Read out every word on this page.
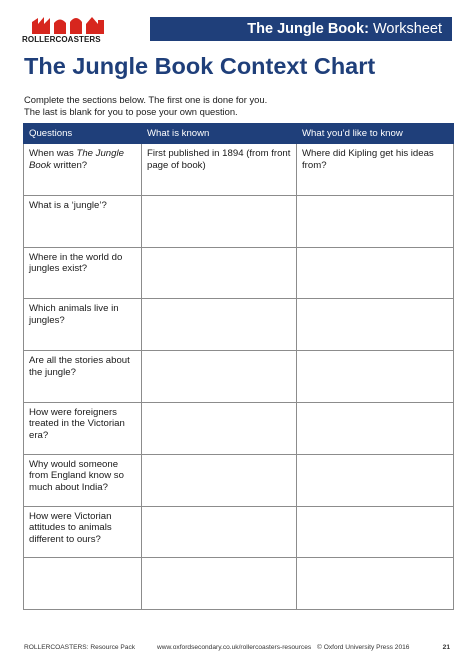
ROLLERCOASTERS
The Jungle Book: Worksheet
The Jungle Book Context Chart
Complete the sections below. The first one is done for you.
The last is blank for you to pose your own question.
Questions	What is known	What you’d like to know
When was The Jungle Book written?	First published in 1894 (from front page of book)	Where did Kipling get his ideas from?
What is a ‘jungle’?		
Where in the world do jungles exist?		
Which animals live in jungles?		
Are all the stories about the jungle?		
How were foreigners treated in the Victorian era?		
Why would someone from England know so much about India?		
How were Victorian attitudes to animals different to ours?		

ROLLERCOASTERS: Resource Pack	www.oxfordsecondary.co.uk/rollercoasters-resources © Oxford University Press 2016	21
